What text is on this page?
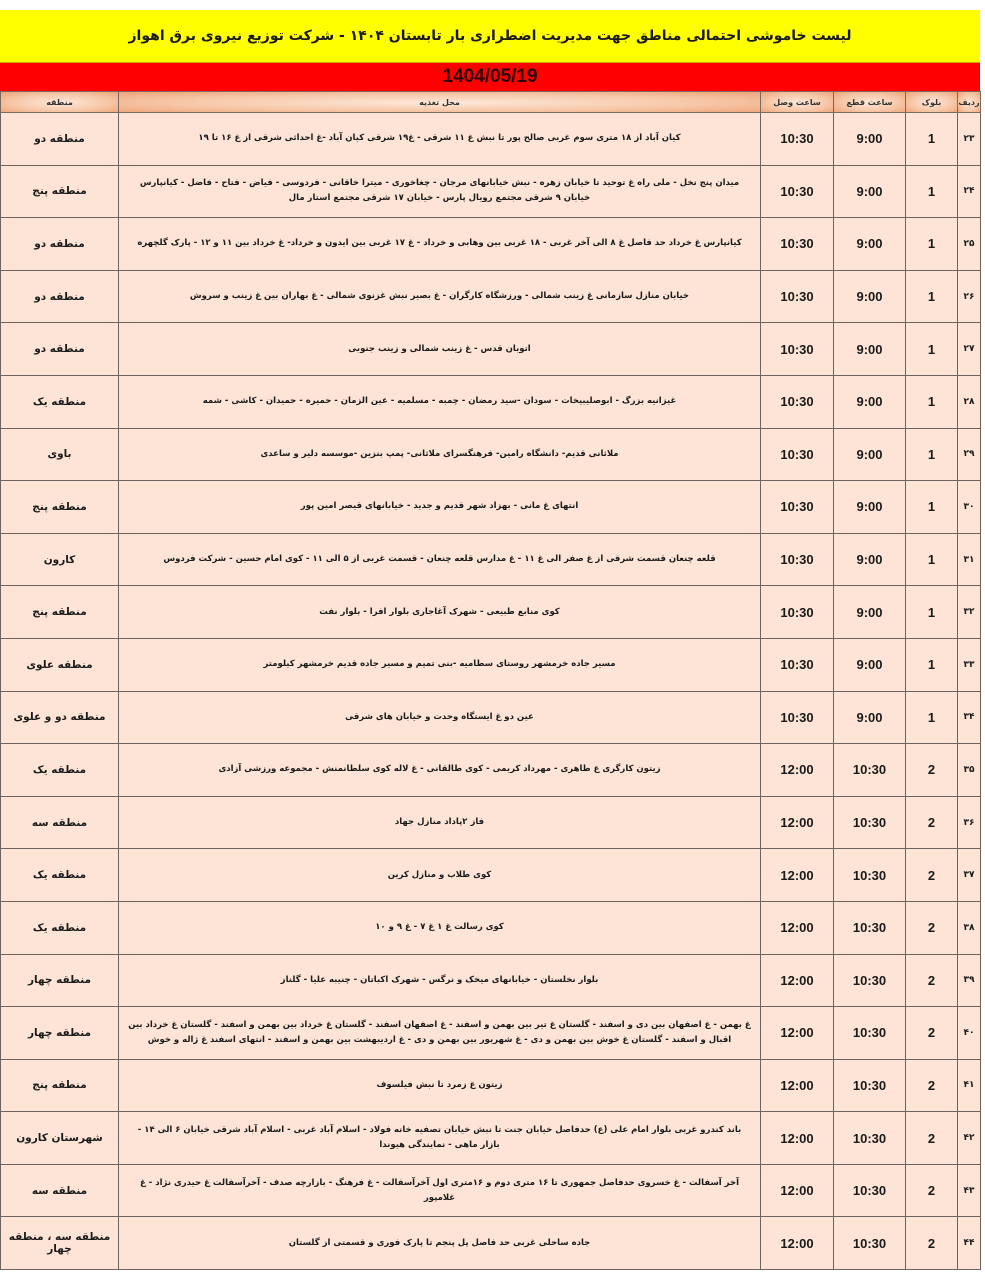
لیست خاموشی احتمالی مناطق جهت مدیریت اضطراری بار تابستان ۱۴۰۴ - شرکت توزیع نیروی برق اهواز
1404/05/19
ردیف	بلوک	ساعت قطع	ساعت وصل	محل تغذیه	منطقه
۲۳	1	9:00	10:30	کیان آباد از ۱۸ متری سوم غربی صالح پور تا نبش غ ۱۱ شرقی - غ۱۹ شرقی کیان آباد -غ احداثی شرقی از غ ۱۶ تا ۱۹	منطقه دو
۲۴	1	9:00	10:30	میدان پنج نخل - ملی راه غ توحید تا خیابان زهره - نبش خیابانهای مرجان - چغاخوری - میترا خاقانی - فردوسی - فیاض - فتاح - فاضل - کیانپارس خیابان ۹ شرقی مجتمع رویال پارس - خیابان ۱۷ شرقی مجتمع استار مال	منطقه پنج
۲۵	1	9:00	10:30	کیانپارس غ خرداد حد فاصل غ ۸ الی آخر غربی - ۱۸ غربی بین وهابی و خرداد - غ ۱۷ غربی بین ایدون و خرداد- غ خرداد بین ۱۱ و ۱۲ - پارک گلچهره	منطقه دو
۲۶	1	9:00	10:30	خیابان منازل سازمانی غ زینب شمالی - ورزشگاه کارگران - غ بصیر نبش غزنوی شمالی - غ بهاران بین غ زینب و سروش	منطقه دو
۲۷	1	9:00	10:30	اتوبان قدس - غ زینب شمالی و زینب جنوبی	منطقه دو
۲۸	1	9:00	10:30	غیزانیه بزرگ - ابوصلیبیخات - سودان -سید رمضان - چمبه - مسلمیه - عین الزمان - حمیره - حمیدان - کاشی - شمه	منطقه یک
۲۹	1	9:00	10:30	ملاثانی قدیم- دانشگاه رامین- فرهنگسرای ملاثانی- پمپ بنزین -موسسه دلیر و ساعدی	باوی
۳۰	1	9:00	10:30	انتهای غ مانی - بهزاد شهر قدیم و جدید - خیابانهای قیصر امین پور	منطقه پنج
۳۱	1	9:00	10:30	قلعه چنعان قسمت شرقی از غ صفر الی غ ۱۱ - غ مدارس قلعه چنعان - قسمت غربی از ۵ الی ۱۱ - کوی امام حسین - شرکت فردوس	کارون
۳۲	1	9:00	10:30	کوی منابع طبیعی - شهرک آغاجاری بلوار افرا - بلوار نفت	منطقه پنج
۳۳	1	9:00	10:30	مسیر جاده خرمشهر روستای سطامیه -بنی تمیم و مسیر جاده قدیم خرمشهر کیلومتر	منطقه علوی
۳۴	1	9:00	10:30	عین دو غ ایستگاه وحدت و خیابان های شرقی	منطقه دو و علوی
۳۵	2	10:30	12:00	زیتون کارگری غ طاهری - مهرداد کریمی - کوی طالقانی - غ لاله کوی سلطانمنش - مجموعه ورزشی آزادی	منطقه یک
۳۶	2	10:30	12:00	فاز ۲پاداد منازل جهاد	منطقه سه
۳۷	2	10:30	12:00	کوی طلاب و منازل کرین	منطقه یک
۳۸	2	10:30	12:00	کوی رسالت غ ۱ غ ۷ - غ ۹ و ۱۰	منطقه یک
۳۹	2	10:30	12:00	بلوار نخلستان - خیابانهای میخک و نرگس - شهرک اکباتان - چنیبه علیا - گلناز	منطقه چهار
۴۰	2	10:30	12:00	غ بهمن - غ اصفهان بین دی و اسفند - گلستان غ تیر بین بهمن و اسفند - غ اصفهان اسفند - گلستان غ خرداد بین بهمن و اسفند - گلستان غ خرداد بین اقبال و اسفند - گلستان غ خوش بین بهمن و دی - غ شهریور بین بهمن و دی - غ اردیبهشت بین بهمن و اسفند - انتهای اسفند غ ژاله و خوش	منطقه چهار
۴۱	2	10:30	12:00	زیتون غ زمرد تا نبش فیلسوف	منطقه پنج
۴۲	2	10:30	12:00	باند کندرو غربی بلوار امام علی (ع) حدفاصل خیابان جنت تا نبش خیابان تصفیه خانه فولاد - اسلام آباد غربی - اسلام آباد شرقی خیابان ۶ الی ۱۴ - بازار ماهی - نمایندگی هیوندا	شهرستان کارون
۴۳	2	10:30	12:00	آخر آسفالت - غ خسروی حدفاصل جمهوری تا ۱۶ متری دوم و ۱۶متری اول آخرآسفالت - غ فرهنگ - بازارچه صدف - آخرآسفالت غ حیدری نژاد - غ غلامپور	منطقه سه
۴۴	2	10:30	12:00	جاده ساحلی غربی حد فاصل پل پنجم تا پارک فوری و قسمتی از گلستان	منطقه سه ، منطقه چهار
